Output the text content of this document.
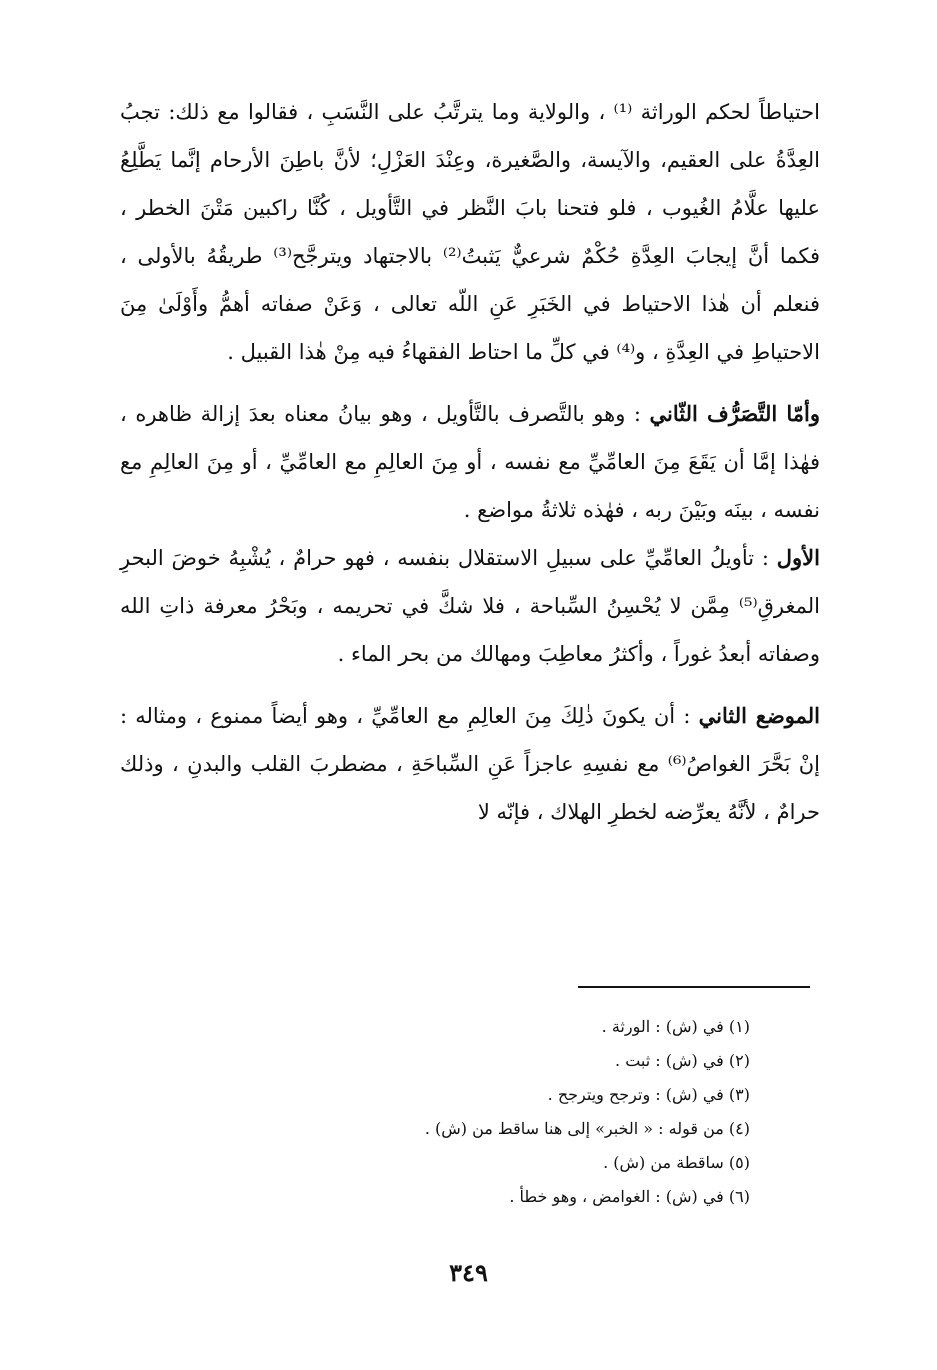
احتياطاً لحكم الوراثة ⁽¹⁾ ، والولاية وما يترتَّبُ على النَّسَبِ ، فقالوا مع ذلك: تجبُ العِدَّةُ على العقيم، والآيسة، والصَّغيرة، وعِنْدَ العَزْلِ؛ لأنَّ باطِنَ الأرحام إنَّما يَطَّلِعُ عليها علَّامُ الغُيوب ، فلو فتحنا بابَ النَّظر في التَّأويل ، كُنَّا راكبين مَتْنَ الخطر ، فكما أنَّ إيجابَ العِدَّةِ حُكْمٌ شرعيٌّ يَثبتُ⁽²⁾ بالاجتهاد ويترجَّح⁽³⁾ طريقُهُ بالأولى ، فنعلم أن هٰذا الاحتياط في الخَبَرِ عَنِ اللّه تعالى ، وَعَنْ صفاته أهمُّ وأَوْلَىٰ مِنَ الاحتياطِ في العِدَّةِ ، و⁽⁴⁾ في كلِّ ما احتاط الفقهاءُ فيه مِنْ هٰذا القبيل .

وأمّا التَّصَرُّف الثّاني : وهو بالتَّصرف بالتَّأويل ، وهو بيانُ معناه بعدَ إزالة ظاهره ، فهٰذا إمَّا أن يَقَعَ مِنَ العامِّيِّ مع نفسه ، أو مِنَ العالِمِ مع العامِّيِّ ، أو مِنَ العالِمِ مع نفسه ، بينَه وبَيْنَ ربه ، فهٰذه ثلاثةُ مواضع .

الأول : تأويلُ العامِّيِّ على سبيلِ الاستقلال بنفسه ، فهو حرامٌ ، يُشْبِهُ خوضَ البحرِ المغرقِ⁽⁵⁾ مِمَّن لا يُحْسِنُ السِّباحة ، فلا شكَّ في تحريمه ، وبَحْرُ معرفة ذاتِ الله وصفاته أبعدُ غوراً ، وأكثرُ معاطِبَ ومهالك من بحر الماء .

الموضع الثاني : أن يكونَ ذٰلِكَ مِنَ العالِمِ مع العامِّيِّ ، وهو أيضاً ممنوع ، ومثاله : إنْ بَحَّرَ الغواصُ⁽⁶⁾ مع نفسِهِ عاجزاً عَنِ السِّباحَةِ ، مضطربَ القلب والبدنِ ، وذلك حرامٌ ، لأنَّهُ يعرِّضه لخطرِ الهلاك ، فإنّه لا

(١) في (ش) : الورثة .

(٢) في (ش) : ثبت .

(٣) في (ش) : وترجح ويترجح .

(٤) من قوله : « الخبر» إلى هنا ساقط من (ش) .

(٥) ساقطة من (ش) .

(٦) في (ش) : الغوامض ، وهو خطأ .

٣٤٩
